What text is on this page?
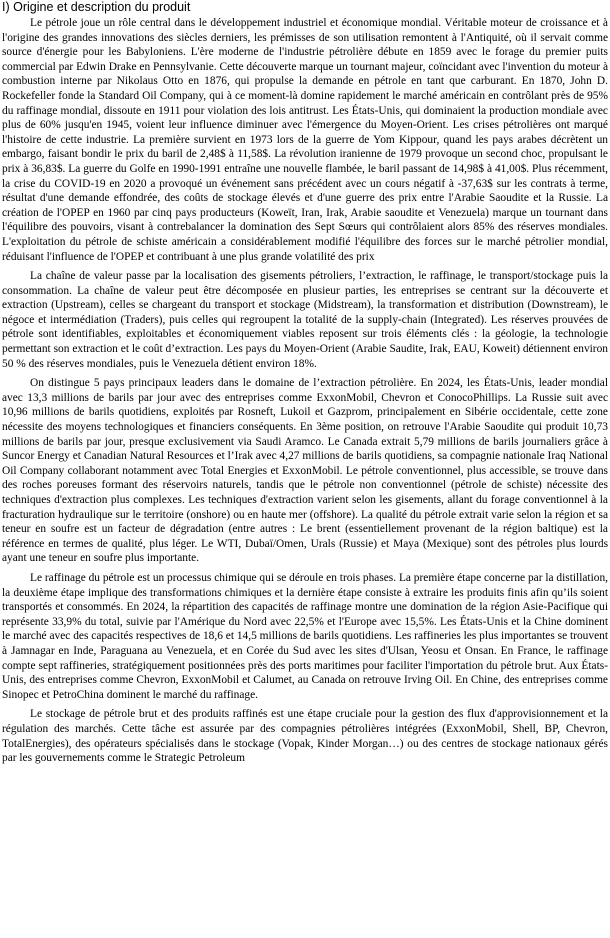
I) Origine et description du produit

Le pétrole joue un rôle central dans le développement industriel et économique mondial. Véritable moteur de croissance et à l'origine des grandes innovations des siècles derniers, les prémisses de son utilisation remontent à l'Antiquité, où il servait comme source d'énergie pour les Babyloniens. L'ère moderne de l'industrie pétrolière débute en 1859 avec le forage du premier puits commercial par Edwin Drake en Pennsylvanie. Cette découverte marque un tournant majeur, coïncidant avec l'invention du moteur à combustion interne par Nikolaus Otto en 1876, qui propulse la demande en pétrole en tant que carburant. En 1870, John D. Rockefeller fonde la Standard Oil Company, qui à ce moment-là domine rapidement le marché américain en contrôlant près de 95% du raffinage mondial, dissoute en 1911 pour violation des lois antitrust. Les États-Unis, qui dominaient la production mondiale avec plus de 60% jusqu'en 1945, voient leur influence diminuer avec l'émergence du Moyen-Orient. Les crises pétrolières ont marqué l'histoire de cette industrie. La première survient en 1973 lors de la guerre de Yom Kippour, quand les pays arabes décrètent un embargo, faisant bondir le prix du baril de 2,48$ à 11,58$. La révolution iranienne de 1979 provoque un second choc, propulsant le prix à 36,83$. La guerre du Golfe en 1990-1991 entraîne une nouvelle flambée, le baril passant de 14,98$ à 41,00$. Plus récemment, la crise du COVID-19 en 2020 a provoqué un événement sans précédent avec un cours négatif à -37,63$ sur les contrats à terme, résultat d'une demande effondrée, des coûts de stockage élevés et d'une guerre des prix entre l'Arabie Saoudite et la Russie. La création de l'OPEP en 1960 par cinq pays producteurs (Koweït, Iran, Irak, Arabie saoudite et Venezuela) marque un tournant dans l'équilibre des pouvoirs, visant à contrebalancer la domination des Sept Sœurs qui contrôlaient alors 85% des réserves mondiales. L'exploitation du pétrole de schiste américain a considérablement modifié l'équilibre des forces sur le marché pétrolier mondial, réduisant l'influence de l'OPEP et contribuant à une plus grande volatilité des prix

La chaîne de valeur passe par la localisation des gisements pétroliers, l’extraction, le raffinage, le transport/stockage puis la consommation. La chaîne de valeur peut être décomposée en plusieur parties, les entreprises se centrant sur la découverte et extraction (Upstream), celles se chargeant du transport et stockage (Midstream), la transformation et distribution (Downstream), le négoce et intermédiation (Traders), puis celles qui regroupent la totalité de la supply-chain (Integrated). Les réserves prouvées de pétrole sont identifiables, exploitables et économiquement viables reposent sur trois éléments clés : la géologie, la technologie permettant son extraction et le coût d’extraction. Les pays du Moyen-Orient (Arabie Saudite, Irak, EAU, Koweit) détiennent environ 50 % des réserves mondiales, puis le Venezuela détient environ 18%.

On distingue 5 pays principaux leaders dans le domaine de l’extraction pétrolière. En 2024, les États-Unis, leader mondial avec 13,3 millions de barils par jour avec des entreprises comme ExxonMobil, Chevron et ConocoPhillips. La Russie suit avec 10,96 millions de barils quotidiens, exploités par Rosneft, Lukoil et Gazprom, principalement en Sibérie occidentale, cette zone nécessite des moyens technologiques et financiers conséquents. En 3ème position, on retrouve l'Arabie Saoudite qui produit 10,73 millions de barils par jour, presque exclusivement via Saudi Aramco. Le Canada extrait 5,79 millions de barils journaliers grâce à Suncor Energy et Canadian Natural Resources et l’Irak avec 4,27 millions de barils quotidiens, sa compagnie nationale Iraq National Oil Company collaborant notamment avec Total Energies et ExxonMobil. Le pétrole conventionnel, plus accessible, se trouve dans des roches poreuses formant des réservoirs naturels, tandis que le pétrole non conventionnel (pétrole de schiste) nécessite des techniques d'extraction plus complexes. Les techniques d'extraction varient selon les gisements, allant du forage conventionnel à la fracturation hydraulique sur le territoire (onshore) ou en haute mer (offshore). La qualité du pétrole extrait varie selon la région et sa teneur en soufre est un facteur de dégradation (entre autres : Le brent (essentiellement provenant de la région baltique) est la référence en termes de qualité, plus léger. Le WTI, Dubaï/Omen, Urals (Russie) et Maya (Mexique) sont des pétroles plus lourds ayant une teneur en soufre plus importante.

Le raffinage du pétrole est un processus chimique qui se déroule en trois phases. La première étape concerne par la distillation, la deuxième étape implique des transformations chimiques et la dernière étape consiste à extraire les produits finis afin qu’ils soient transportés et consommés. En 2024, la répartition des capacités de raffinage montre une domination de la région Asie-Pacifique qui représente 33,9% du total, suivie par l'Amérique du Nord avec 22,5% et l'Europe avec 15,5%. Les États-Unis et la Chine dominent le marché avec des capacités respectives de 18,6 et 14,5 millions de barils quotidiens. Les raffineries les plus importantes se trouvent à Jamnagar en Inde, Paraguana au Venezuela, et en Corée du Sud avec les sites d'Ulsan, Yeosu et Onsan. En France, le raffinage compte sept raffineries, stratégiquement positionnées près des ports maritimes pour faciliter l'importation du pétrole brut. Aux États-Unis, des entreprises comme Chevron, ExxonMobil et Calumet, au Canada on retrouve Irving Oil. En Chine, des entreprises comme Sinopec et PetroChina dominent le marché du raffinage.

Le stockage de pétrole brut et des produits raffinés est une étape cruciale pour la gestion des flux d'approvisionnement et la régulation des marchés. Cette tâche est assurée par des compagnies pétrolières intégrées (ExxonMobil, Shell, BP, Chevron, TotalEnergies), des opérateurs spécialisés dans le stockage (Vopak, Kinder Morgan…) ou des centres de stockage nationaux gérés par les gouvernements comme le Strategic Petroleum
